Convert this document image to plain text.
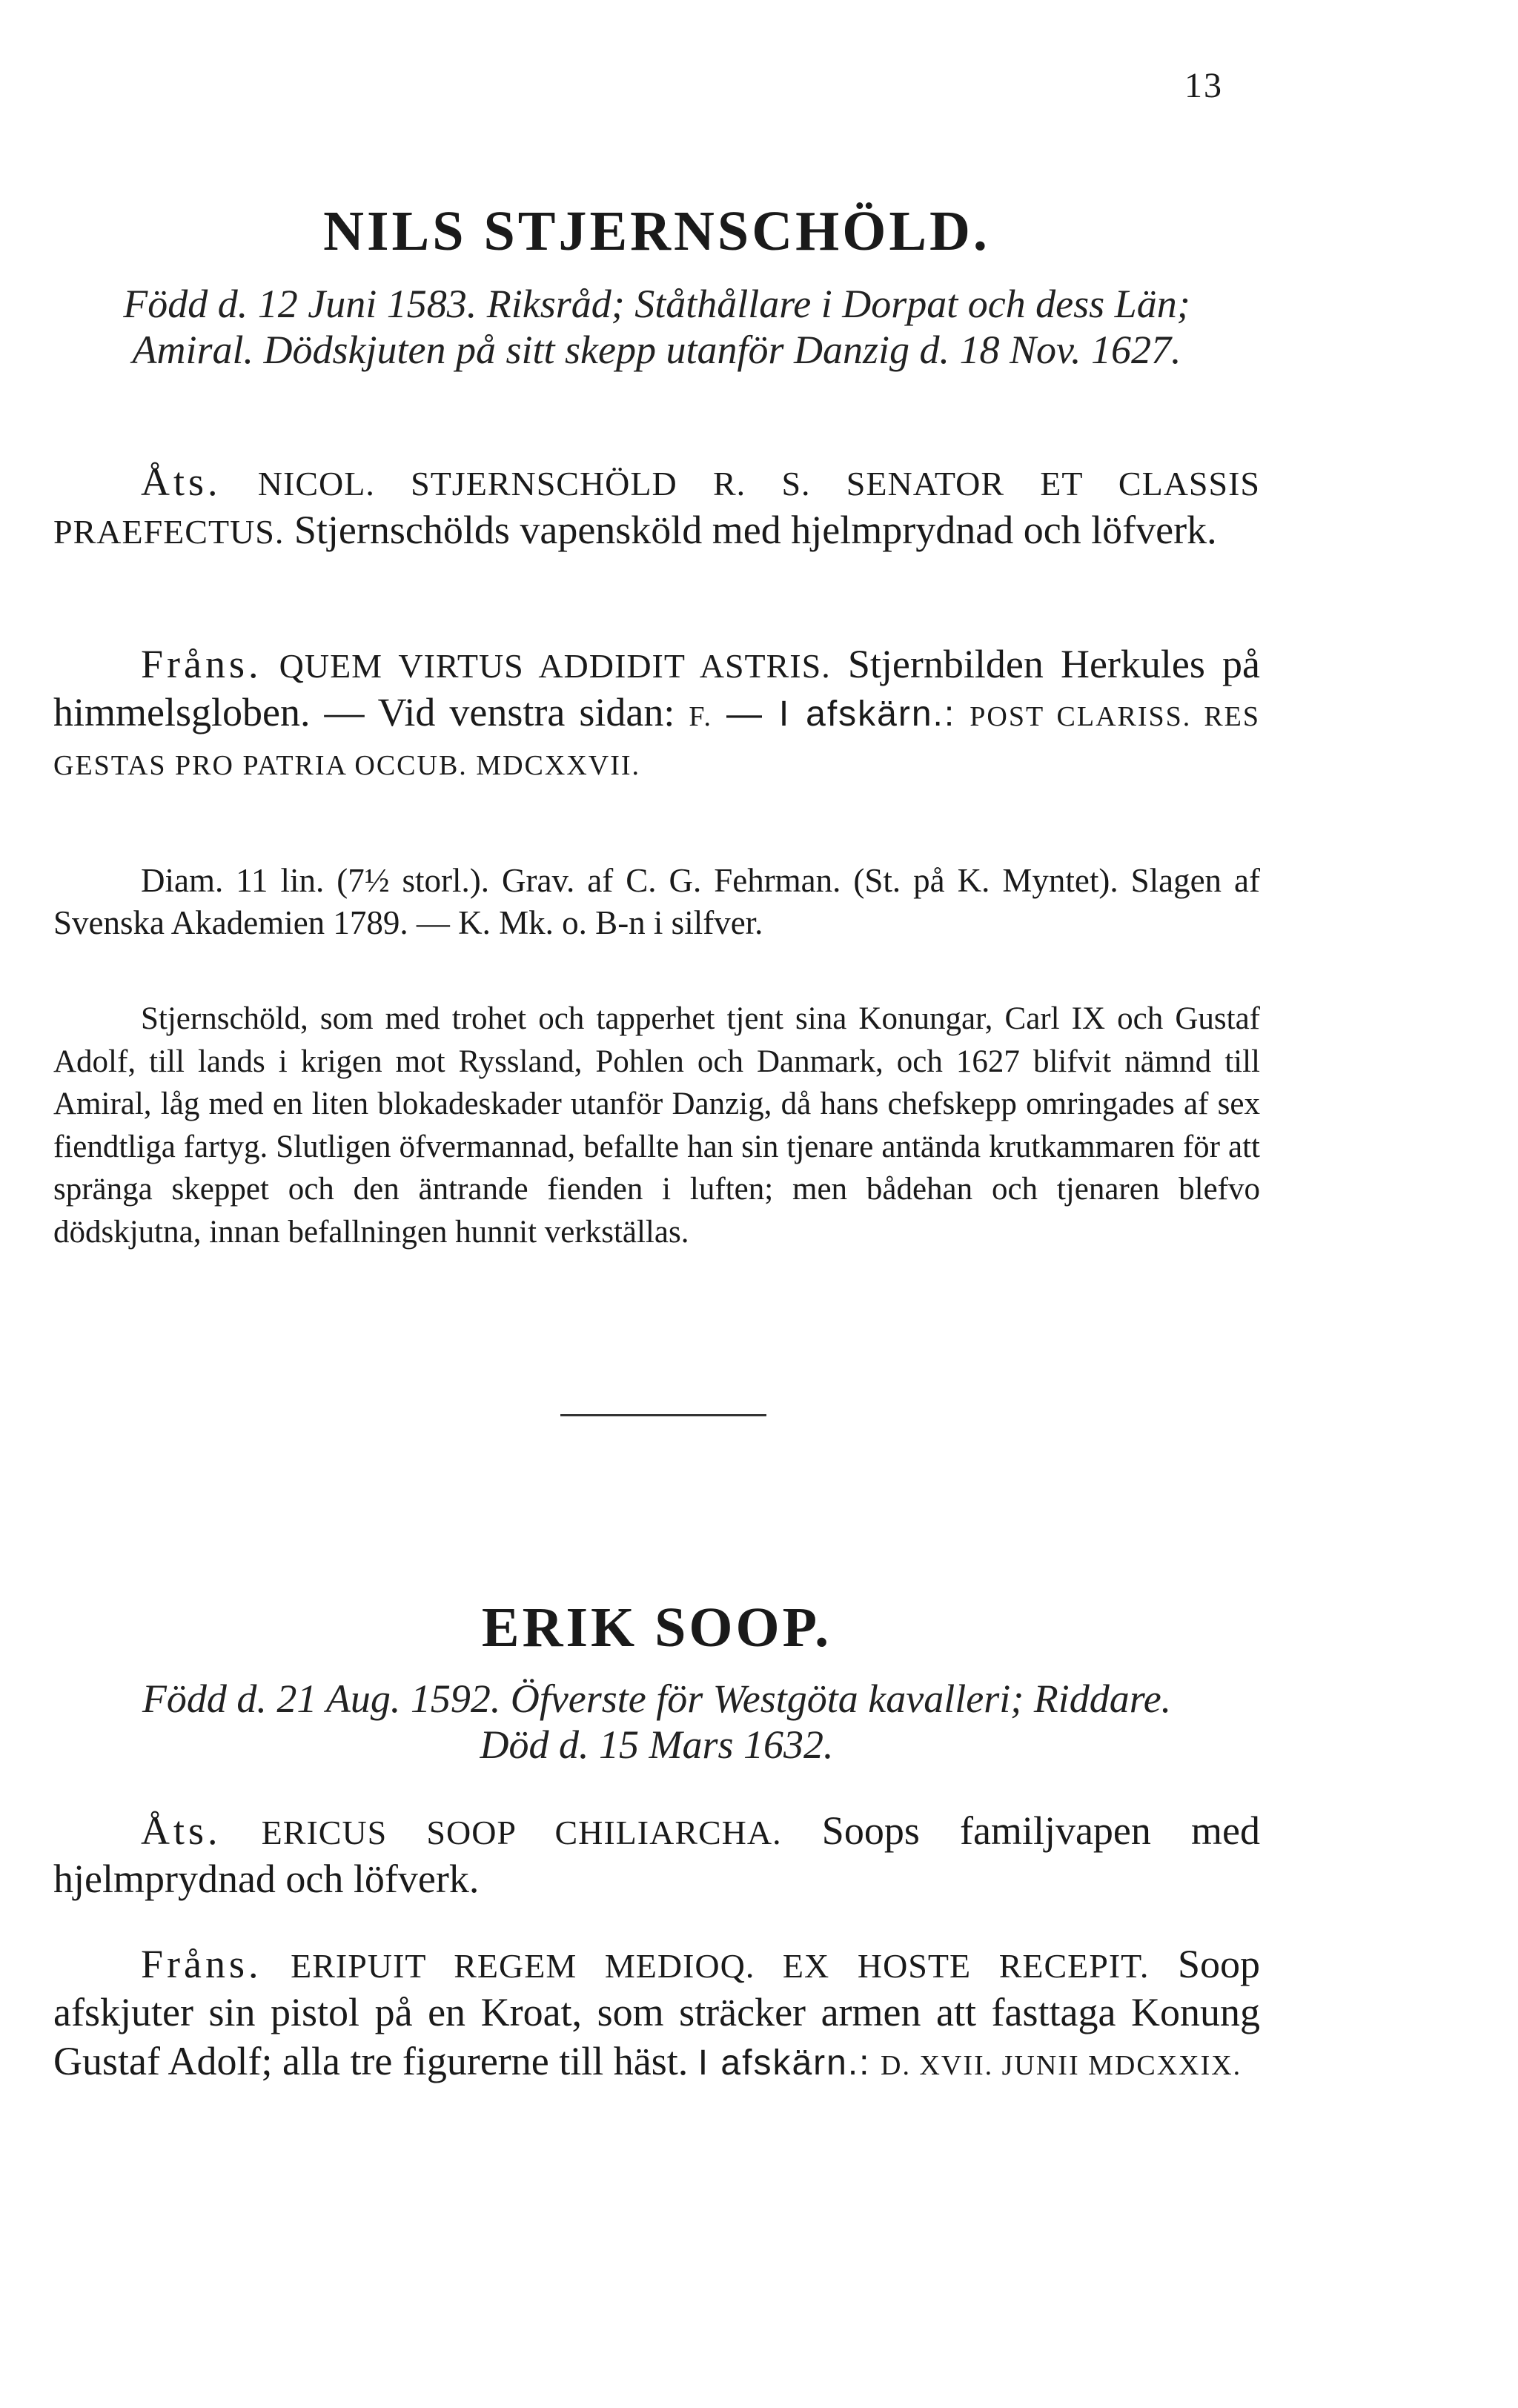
13
NILS STJERNSCHÖLD.

Född d. 12 Juni 1583. Riksråd; Ståthållare i Dorpat och dess Län; Amiral. Dödskjuten på sitt skepp utanför Danzig d. 18 Nov. 1627.

Åts. NICOL. STJERNSCHÖLD R. S. SENATOR ET CLASSIS PRAEFECTUS. Stjernschölds vapensköld med hjelmprydnad och löfverk.

Fråns. QUEM VIRTUS ADDIDIT ASTRIS. Stjernbilden Herkules på himmelsgloben. — Vid venstra sidan: F. — I afskärn.: POST CLARISS. RES GESTAS PRO PATRIA OCCUB. MDCXXVII.

Diam. 11 lin. (7½ storl.). Grav. af C. G. Fehrman. (St. på K. Myntet). Slagen af Svenska Akademien 1789. — K. Mk. o. B-n i silfver.

Stjernschöld, som med trohet och tapperhet tjent sina Konungar, Carl IX och Gustaf Adolf, till lands i krigen mot Ryssland, Pohlen och Danmark, och 1627 blifvit nämnd till Amiral, låg med en liten blokadeskader utanför Danzig, då hans chefskepp omringades af sex fiendtliga fartyg. Slutligen öfvermannad, befallte han sin tjenare antända krutkammaren för att spränga skeppet och den äntrande fienden i luften; men bådehan och tjenaren blefvo dödskjutna, innan befallningen hunnit verkställas.

ERIK SOOP.

Född d. 21 Aug. 1592. Öfverste för Westgöta kavalleri; Riddare. Död d. 15 Mars 1632.

Åts. ERICUS SOOP CHILIARCHA. Soops familjvapen med hjelmprydnad och löfverk.

Fråns. ERIPUIT REGEM MEDIOQ. EX HOSTE RECEPIT. Soop afskjuter sin pistol på en Kroat, som sträcker armen att fasttaga Konung Gustaf Adolf; alla tre figurerne till häst. I afskärn.: D. XVII. JUNII MDCXXIX.
